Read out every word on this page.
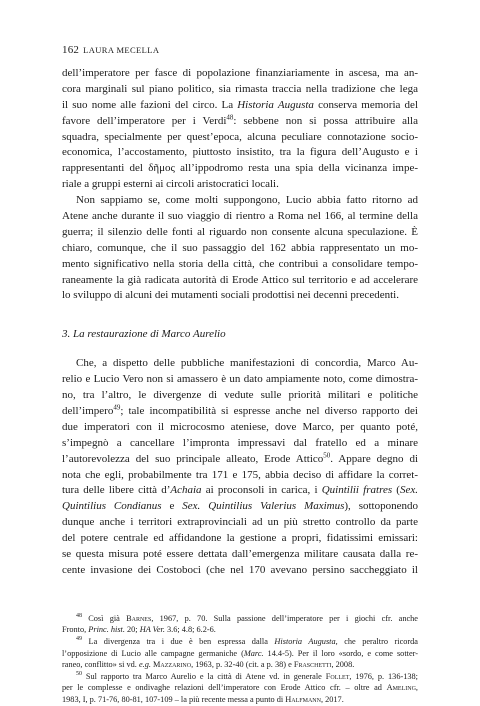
162 LAURA MECELLA
dell’imperatore per fasce di popolazione finanziariamente in ascesa, ma an-
cora marginali sul piano politico, sia rimasta traccia nella tradizione che lega
il suo nome alle fazioni del circo. La Historia Augusta conserva memoria del
favore dell’imperatore per i Verdi$^{48}$: sebbene non si possa attribuire alla
squadra, specialmente per quest’epoca, alcuna peculiare connotazione socio-
economica, l’accostamento, piuttosto insistito, tra la figura dell’Augusto e i
rappresentanti del δῆμος all’ippodromo resta una spia della vicinanza impe-
riale a gruppi esterni ai circoli aristocratici locali.
Non sappiamo se, come molti suppongono, Lucio abbia fatto ritorno ad
Atene anche durante il suo viaggio di rientro a Roma nel 166, al termine della
guerra; il silenzio delle fonti al riguardo non consente alcuna speculazione. È
chiaro, comunque, che il suo passaggio del 162 abbia rappresentato un mo-
mento significativo nella storia della città, che contribuì a consolidare tempo-
raneamente la già radicata autorità di Erode Attico sul territorio e ad accelerare
lo sviluppo di alcuni dei mutamenti sociali prodottisi nei decenni precedenti.
3. La restaurazione di Marco Aurelio
Che, a dispetto delle pubbliche manifestazioni di concordia, Marco Au-
relio e Lucio Vero non si amassero è un dato ampiamente noto, come dimostra-
no, tra l’altro, le divergenze di vedute sulle priorità militari e politiche
dell’impero$^{49}$; tale incompatibilità si espresse anche nel diverso rapporto dei
due imperatori con il microcosmo ateniese, dove Marco, per quanto poté,
s’impegnò a cancellare l’impronta impressavi dal fratello ed a minare
l’autorevolezza del suo principale alleato, Erode Attico$^{50}$. Appare degno di
nota che egli, probabilmente tra 171 e 175, abbia deciso di affidare la corret-
tura delle libere città d’Achaia ai proconsoli in carica, i Quintilii fratres (Sex.
Quintilius Condianus e Sex. Quintilius Valerius Maximus), sottoponendo
dunque anche i territori extraprovinciali ad un più stretto controllo da parte
del potere centrale ed affidandone la gestione a propri, fidatissimi emissari:
se questa misura poté essere dettata dall’emergenza militare causata dalla re-
cente invasione dei Costoboci (che nel 170 avevano persino saccheggiato il
$^{48}$ Così già Barnes, 1967, p. 70. Sulla passione dell’imperatore per i giochi cfr. anche
Fronto, Princ. hist. 20; HA Ver. 3.6; 4.8; 6.2-6.
$^{49}$ La divergenza tra i due è ben espressa dalla Historia Augusta, che peraltro ricorda
l’opposizione di Lucio alle campagne germaniche (Marc. 14.4-5). Per il loro «sordo, e come sotter-
raneo, conflitto» si vd. e.g. Mazzarino, 1963, p. 32-40 (cit. a p. 38) e Fraschetti, 2008.
$^{50}$ Sul rapporto tra Marco Aurelio e la città di Atene vd. in generale Follet, 1976, p. 136-138;
per le complesse e ondivaghe relazioni dell’imperatore con Erode Attico cfr. – oltre ad Ameling,
1983, I, p. 71-76, 80-81, 107-109 – la più recente messa a punto di Halfmann, 2017.
